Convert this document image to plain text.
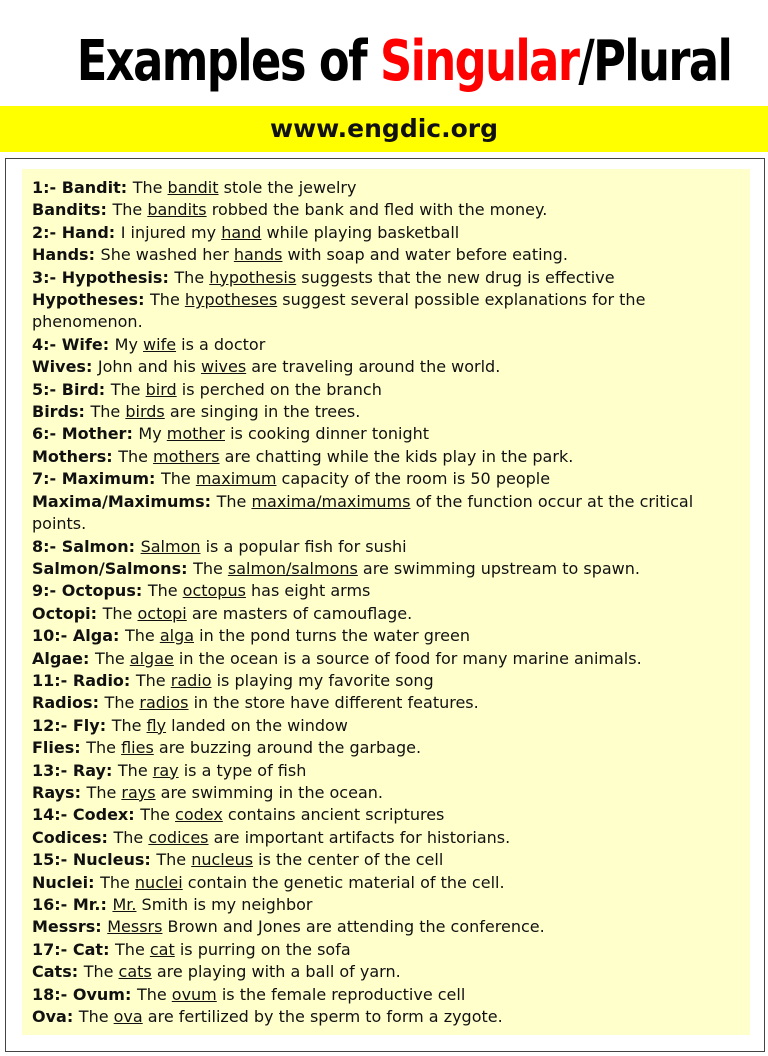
Examples of Singular/Plural
www.engdic.org
1:- Bandit: The bandit stole the jewelry
Bandits: The bandits robbed the bank and fled with the money.
2:- Hand: I injured my hand while playing basketball
Hands: She washed her hands with soap and water before eating.
3:- Hypothesis: The hypothesis suggests that the new drug is effective
Hypotheses: The hypotheses suggest several possible explanations for the phenomenon.
4:- Wife: My wife is a doctor
Wives: John and his wives are traveling around the world.
5:- Bird: The bird is perched on the branch
Birds: The birds are singing in the trees.
6:- Mother: My mother is cooking dinner tonight
Mothers: The mothers are chatting while the kids play in the park.
7:- Maximum: The maximum capacity of the room is 50 people
Maxima/Maximums: The maxima/maximums of the function occur at the critical points.
8:- Salmon: Salmon is a popular fish for sushi
Salmon/Salmons: The salmon/salmons are swimming upstream to spawn.
9:- Octopus: The octopus has eight arms
Octopi: The octopi are masters of camouflage.
10:- Alga: The alga in the pond turns the water green
Algae: The algae in the ocean is a source of food for many marine animals.
11:- Radio: The radio is playing my favorite song
Radios: The radios in the store have different features.
12:- Fly: The fly landed on the window
Flies: The flies are buzzing around the garbage.
13:- Ray: The ray is a type of fish
Rays: The rays are swimming in the ocean.
14:- Codex: The codex contains ancient scriptures
Codices: The codices are important artifacts for historians.
15:- Nucleus: The nucleus is the center of the cell
Nuclei: The nuclei contain the genetic material of the cell.
16:- Mr.: Mr. Smith is my neighbor
Messrs: Messrs Brown and Jones are attending the conference.
17:- Cat: The cat is purring on the sofa
Cats: The cats are playing with a ball of yarn.
18:- Ovum: The ovum is the female reproductive cell
Ova: The ova are fertilized by the sperm to form a zygote.
